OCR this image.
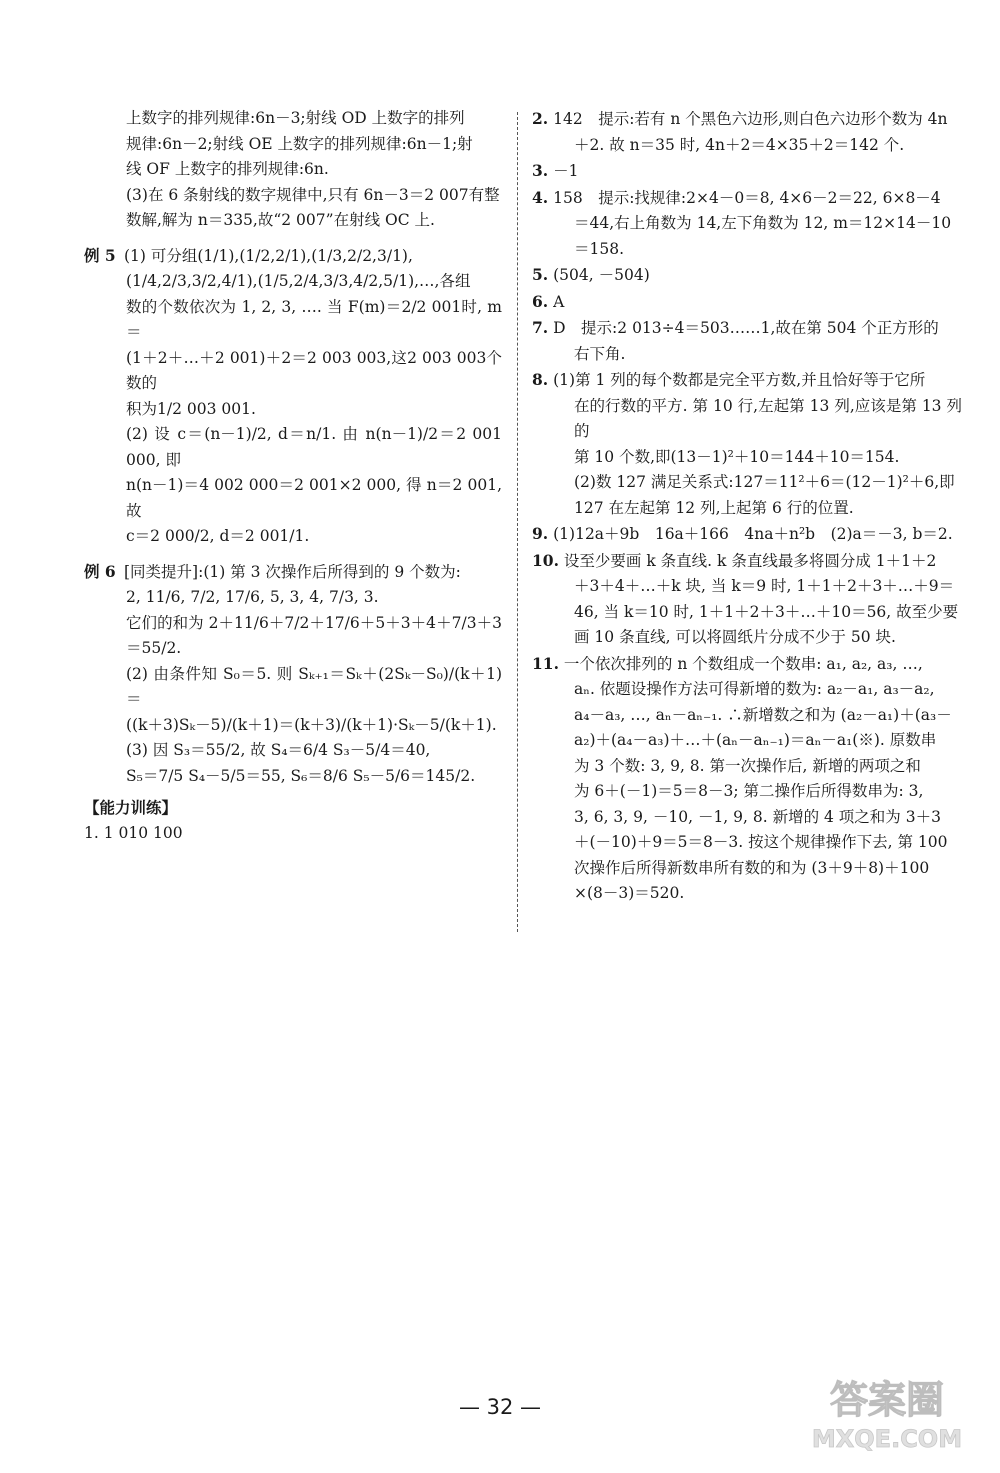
上数字的排列规律:6n－3;射线 OD 上数字的排列
规律:6n－2;射线 OE 上数字的排列规律:6n－1;射
线 OF 上数字的排列规律:6n.
(3)在 6 条射线的数字规律中,只有 6n－3＝2 007有整
数解,解为 n＝335,故“2 007”在射线 OC 上.
例 5 (1) 可分组(1/1),(1/2,2/1),(1/3,2/2,3/1),
(1/4,2/3,3/2,4/1),(1/5,2/4,3/3,4/2,5/1),…,各组
数的个数依次为 1, 2, 3, …. 当 F(m)＝2/2 001时, m＝
(1＋2＋…＋2 001)＋2＝2 003 003,这2 003 003个数的
积为1/2 003 001.
(2) 设 c＝(n－1)/2, d＝n/1. 由 n(n－1)/2＝2 001 000, 即
n(n－1)＝4 002 000＝2 001×2 000, 得 n＝2 001,故
c＝2 000/2, d＝2 001/1.
例 6 [同类提升]:(1) 第 3 次操作后所得到的 9 个数为:
2, 11/6, 7/2, 17/6, 5, 3, 4, 7/3, 3.
它们的和为 2＋11/6＋7/2＋17/6＋5＋3＋4＋7/3＋3＝55/2.
(2) 由条件知 S₀＝5. 则 Sₖ₊₁＝Sₖ＋(2Sₖ－S₀)/(k＋1)＝
((k＋3)Sₖ－5)/(k＋1)＝(k＋3)/(k＋1)·Sₖ－5/(k＋1).
(3) 因 S₃＝55/2, 故 S₄＝6/4 S₃－5/4＝40,
S₅＝7/5 S₄－5/5＝55, S₆＝8/6 S₅－5/6＝145/2.
【能力训练】
1. 1 010 100
2. 142　提示:若有 n 个黑色六边形,则白色六边形个数为 4n
＋2. 故 n＝35 时, 4n＋2＝4×35＋2＝142 个.
3. －1
4. 158　提示:找规律:2×4－0＝8, 4×6－2＝22, 6×8－4
＝44,右上角数为 14,左下角数为 12, m＝12×14－10
＝158.
5. (504, －504)
6. A
7. D　提示:2 013÷4＝503……1,故在第 504 个正方形的
右下角.
8. (1)第 1 列的每个数都是完全平方数,并且恰好等于它所
在的行数的平方. 第 10 行,左起第 13 列,应该是第 13 列的
第 10 个数,即(13－1)²＋10＝144＋10＝154.
(2)数 127 满足关系式:127＝11²＋6＝(12－1)²＋6,即
127 在左起第 12 列,上起第 6 行的位置.
9. (1)12a＋9b　16a＋166　4na＋n²b　(2)a＝－3, b＝2.
10. 设至少要画 k 条直线. k 条直线最多将圆分成 1＋1＋2
＋3＋4＋…＋k 块, 当 k＝9 时, 1＋1＋2＋3＋…＋9＝
46, 当 k＝10 时, 1＋1＋2＋3＋…＋10＝56, 故至少要
画 10 条直线, 可以将圆纸片分成不少于 50 块.
11. 一个依次排列的 n 个数组成一个数串: a₁, a₂, a₃, …,
aₙ. 依题设操作方法可得新增的数为: a₂－a₁, a₃－a₂,
a₄－a₃, …, aₙ－aₙ₋₁. ∴新增数之和为 (a₂－a₁)＋(a₃－
a₂)＋(a₄－a₃)＋…＋(aₙ－aₙ₋₁)＝aₙ－a₁(※). 原数串
为 3 个数: 3, 9, 8. 第一次操作后, 新增的两项之和
为 6＋(－1)＝5＝8－3; 第二操作后所得数串为: 3,
3, 6, 3, 9, －10, －1, 9, 8. 新增的 4 项之和为 3＋3
＋(－10)＋9＝5＝8－3. 按这个规律操作下去, 第 100
次操作后所得新数串所有数的和为 (3＋9＋8)＋100
×(8－3)＝520.
— 32 —	答案圈
MXQE.COM
